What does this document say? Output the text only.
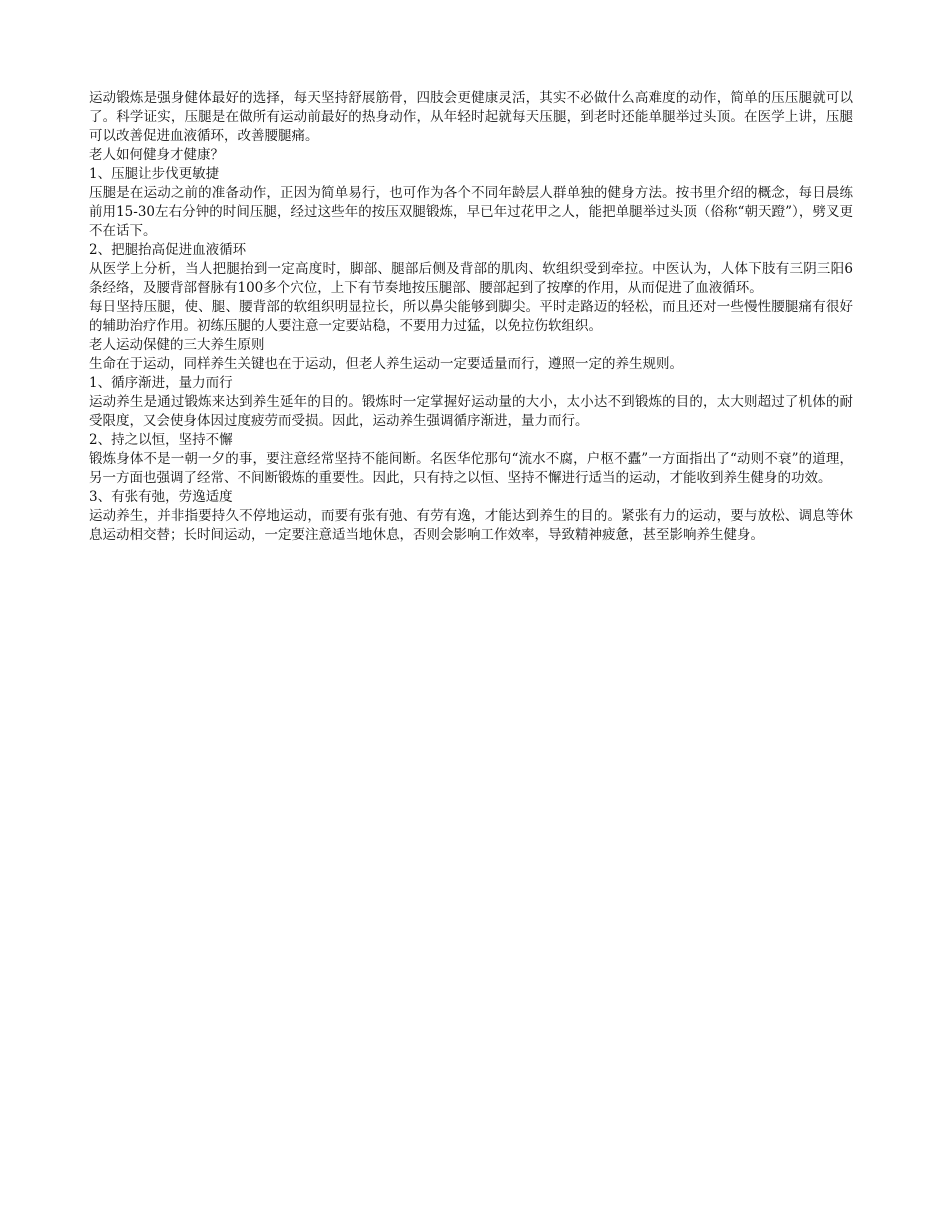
运动锻炼是强身健体最好的选择，每天坚持舒展筋骨，四肢会更健康灵活，其实不必做什么高难度的动作，简单的压压腿就可以了。科学证实，压腿是在做所有运动前最好的热身动作，从年轻时起就每天压腿，到老时还能单腿举过头顶。在医学上讲，压腿可以改善促进血液循环，改善腰腿痛。

老人如何健身才健康？

1、压腿让步伐更敏捷

压腿是在运动之前的准备动作，正因为简单易行，也可作为各个不同年龄层人群单独的健身方法。按书里介绍的概念，每日晨练前用15-30左右分钟的时间压腿，经过这些年的按压双腿锻炼，早已年过花甲之人，能把单腿举过头顶（俗称“朝天蹬”），劈叉更不在话下。

2、把腿抬高促进血液循环

从医学上分析，当人把腿抬到一定高度时，脚部、腿部后侧及背部的肌肉、软组织受到牵拉。中医认为，人体下肢有三阴三阳6条经络，及腰背部督脉有100多个穴位，上下有节奏地按压腿部、腰部起到了按摩的作用，从而促进了血液循环。

每日坚持压腿，使、腿、腰背部的软组织明显拉长，所以鼻尖能够到脚尖。平时走路迈的轻松，而且还对一些慢性腰腿痛有很好的辅助治疗作用。初练压腿的人要注意一定要站稳，不要用力过猛，以免拉伤软组织。

老人运动保健的三大养生原则

生命在于运动，同样养生关键也在于运动，但老人养生运动一定要适量而行，遵照一定的养生规则。

1、循序渐进，量力而行

运动养生是通过锻炼来达到养生延年的目的。锻炼时一定掌握好运动量的大小，太小达不到锻炼的目的，太大则超过了机体的耐受限度，又会使身体因过度疲劳而受损。因此，运动养生强调循序渐进，量力而行。

2、持之以恒，坚持不懈

锻炼身体不是一朝一夕的事，要注意经常坚持不能间断。名医华佗那句“流水不腐，户枢不蠹”一方面指出了“动则不衰”的道理，另一方面也强调了经常、不间断锻炼的重要性。因此，只有持之以恒、坚持不懈进行适当的运动，才能收到养生健身的功效。

3、有张有弛，劳逸适度

运动养生，并非指要持久不停地运动，而要有张有弛、有劳有逸，才能达到养生的目的。紧张有力的运动，要与放松、调息等休息运动相交替；长时间运动，一定要注意适当地休息，否则会影响工作效率，导致精神疲惫，甚至影响养生健身。
